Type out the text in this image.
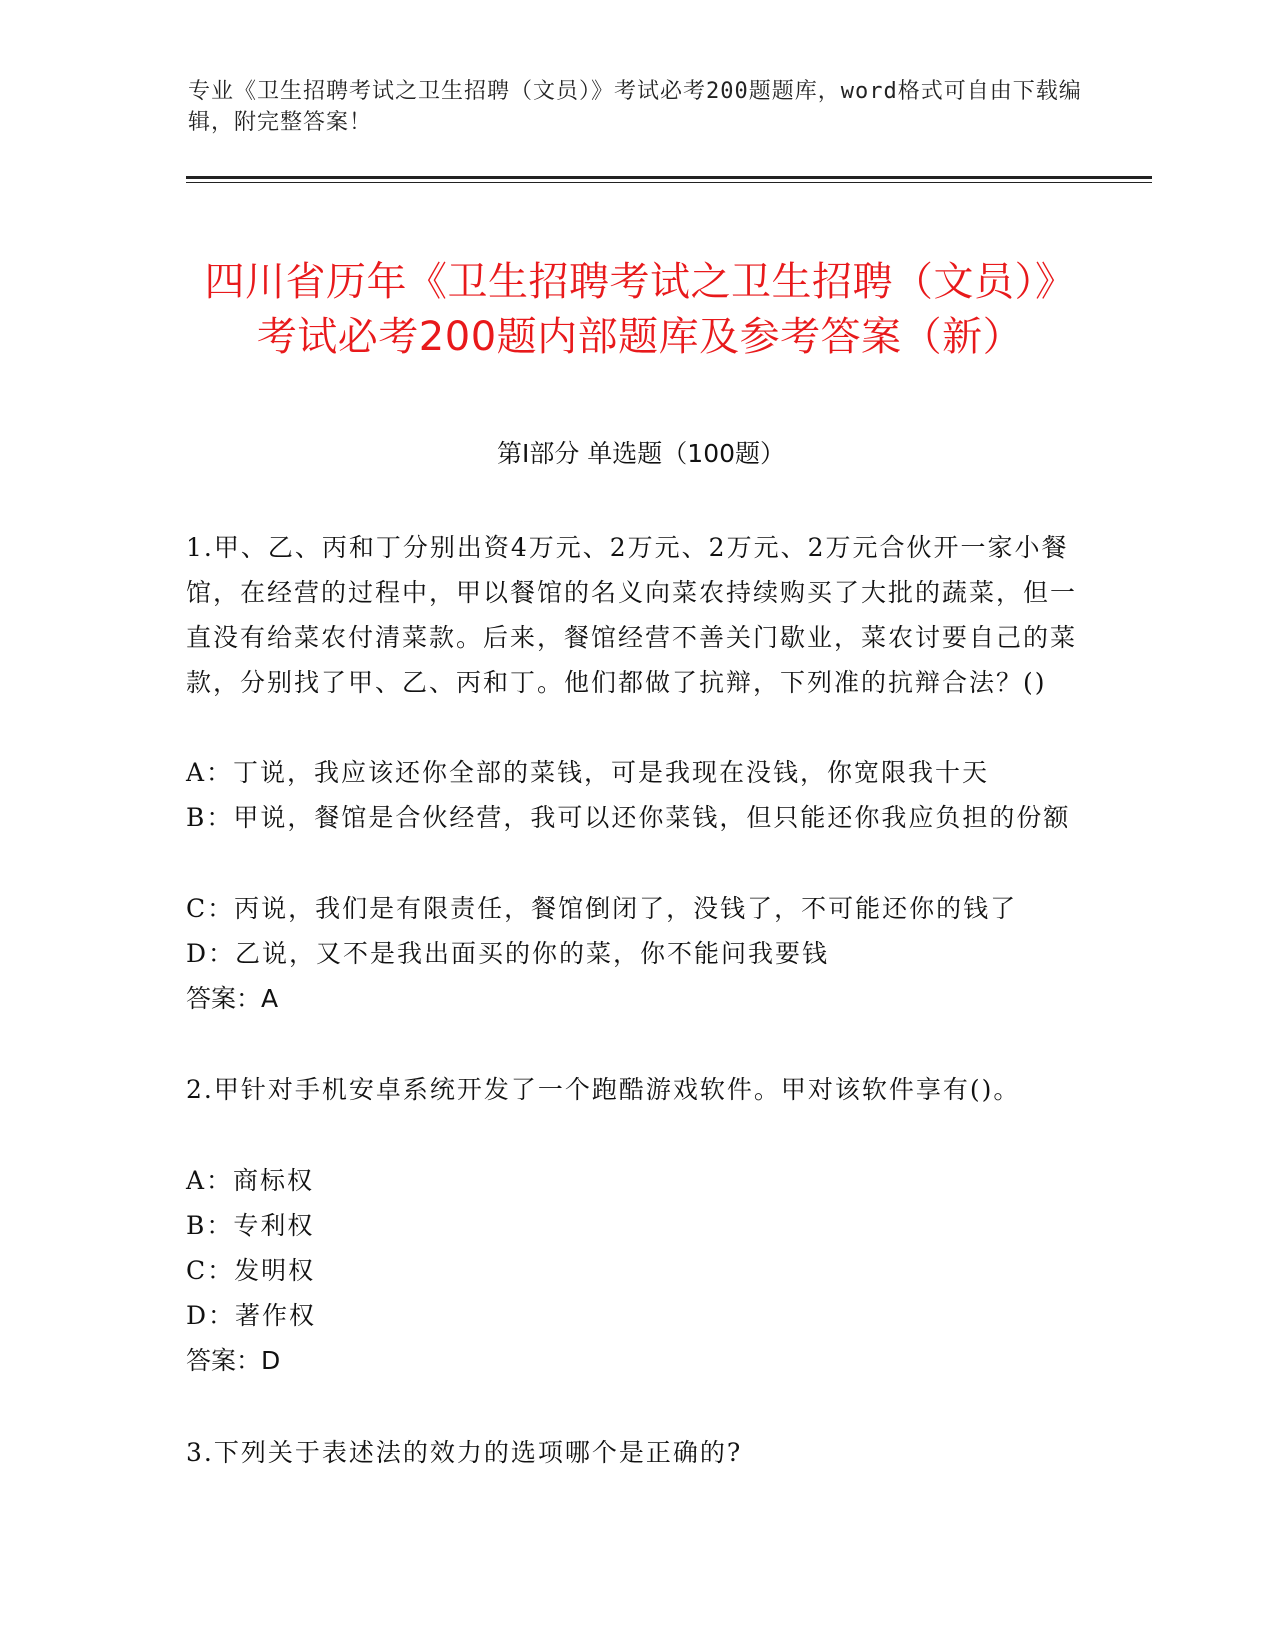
专业《卫生招聘考试之卫生招聘（文员）》考试必考200题题库，word格式可自由下载编辑，附完整答案！
四川省历年《卫生招聘考试之卫生招聘（文员）》考试必考200题内部题库及参考答案（新）
第Ⅰ部分 单选题（100题）
1.甲、乙、丙和丁分别出资4万元、2万元、2万元、2万元合伙开一家小餐馆，在经营的过程中，甲以餐馆的名义向菜农持续购买了大批的蔬菜，但一直没有给菜农付清菜款。后来，餐馆经营不善关门歇业，菜农讨要自己的菜款，分别找了甲、乙、丙和丁。他们都做了抗辩，下列准的抗辩合法？()
A：丁说，我应该还你全部的菜钱，可是我现在没钱，你宽限我十天
B：甲说，餐馆是合伙经营，我可以还你菜钱，但只能还你我应负担的份额
C：丙说，我们是有限责任，餐馆倒闭了，没钱了，不可能还你的钱了
D：乙说，又不是我出面买的你的菜，你不能问我要钱
答案：A
2.甲针对手机安卓系统开发了一个跑酷游戏软件。甲对该软件享有()。
A：商标权
B：专利权
C：发明权
D：著作权
答案：D
3.下列关于表述法的效力的选项哪个是正确的?
